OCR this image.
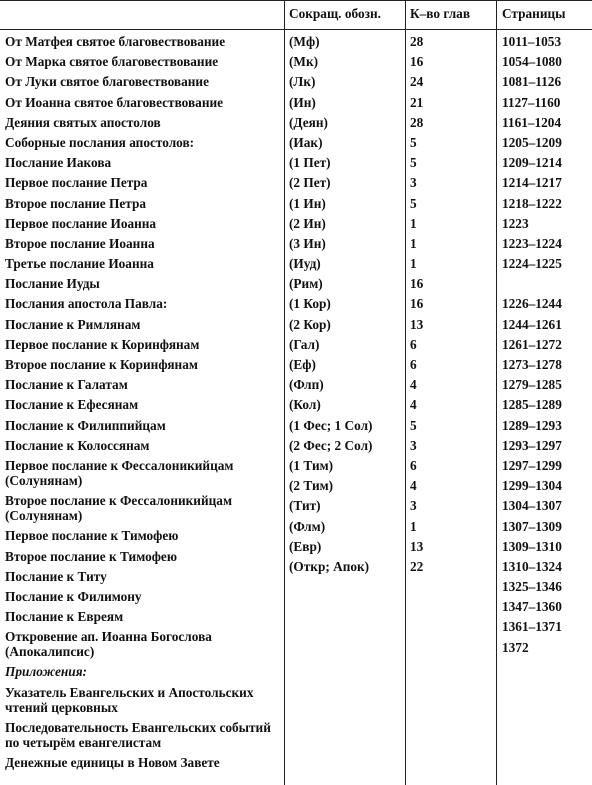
Сокращ. обозн. К–во глав Страницы
От Матфея святое благовествование
От Марка святое благовествование
От Луки святое благовествование
От Иоанна святое благовествование
Деяния святых апостолов
Соборные послания апостолов:
Послание Иакова
Первое послание Петра
Второе послание Петра
Первое послание Иоанна
Второе послание Иоанна
Третье послание Иоанна
Послание Иуды
Послания апостола Павла:
Послание к Римлянам
Первое послание к Коринфянам
Второе послание к Коринфянам
Послание к Галатам
Послание к Ефесянам
Послание к Филиппийцам
Послание к Колоссянам
Первое послание к Фессалоникийцам (Солунянам)
Второе послание к Фессалоникийцам (Солунянам)
Первое послание к Тимофею
Второе послание к Тимофею
Послание к Титу
Послание к Филимону
Послание к Евреям
Откровение ап. Иоанна Богослова (Апокалипсис)
Приложения:
Указатель Евангельских и Апостольских чтений церковных
Последовательность Евангельских событий по четырём евангелистам
Денежные единицы в Новом Завете
(Мф)
(Мк)
(Лк)
(Ин)
(Деян)
(Иак)
(1 Пет)
(2 Пет)
(1 Ин)
(2 Ин)
(3 Ин)
(Иуд)
(Рим)
(1 Кор)
(2 Кор)
(Гал)
(Еф)
(Флп)
(Кол)
(1 Фес; 1 Сол)
(2 Фес; 2 Сол)
(1 Тим)
(2 Тим)
(Тит)
(Флм)
(Евр)
(Откр; Апок)
28
16
24
21
28
5
5
3
5
1
1
1
16
16
13
6
6
4
4
5
3
6
4
3
1
13
22
1011–1053
1054–1080
1081–1126
1127–1160
1161–1204
1205–1209
1209–1214
1214–1217
1218–1222
1223
1223–1224
1224–1225
1226–1244
1244–1261
1261–1272
1273–1278
1279–1285
1285–1289
1289–1293
1293–1297
1297–1299
1299–1304
1304–1307
1307–1309
1309–1310
1310–1324
1325–1346
1347–1360
1361–1371
1372
